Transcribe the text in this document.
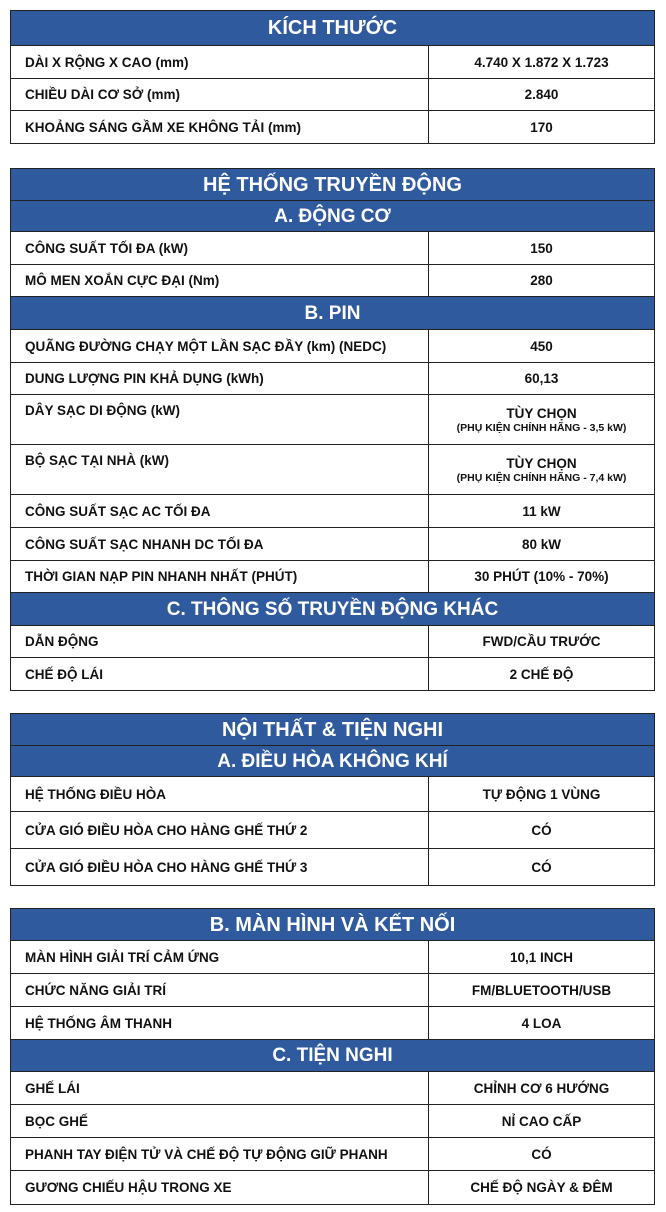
KÍCH THƯỚC
DÀI X RỘNG X CAO (mm)	4.740 X 1.872 X 1.723
CHIỀU DÀI CƠ SỞ (mm)	2.840
KHOẢNG SÁNG GẦM XE KHÔNG TẢI (mm)	170
HỆ THỐNG TRUYỀN ĐỘNG
A. ĐỘNG CƠ
CÔNG SUẤT TỐI ĐA (kW)	150
MÔ MEN XOẮN CỰC ĐẠI (Nm)	280
B. PIN
QUÃNG ĐƯỜNG CHẠY MỘT LẦN SẠC ĐẦY (km) (NEDC)	450
DUNG LƯỢNG PIN KHẢ DỤNG (kWh)	60,13
DÂY SẠC DI ĐỘNG (kW)	TÙY CHỌN
(PHỤ KIỆN CHÍNH HÃNG - 3,5 kW)
BỘ SẠC TẠI NHÀ (kW)	TÙY CHỌN
(PHỤ KIỆN CHÍNH HÃNG - 7,4 kW)
CÔNG SUẤT SẠC AC TỐI ĐA	11 kW
CÔNG SUẤT SẠC NHANH DC TỐI ĐA	80 kW
THỜI GIAN NẠP PIN NHANH NHẤT (PHÚT)	30 PHÚT (10% - 70%)
C. THÔNG SỐ TRUYỀN ĐỘNG KHÁC
DẪN ĐỘNG	FWD/CẦU TRƯỚC
CHẾ ĐỘ LÁI	2 CHẾ ĐỘ
NỘI THẤT & TIỆN NGHI
A. ĐIỀU HÒA KHÔNG KHÍ
HỆ THỐNG ĐIỀU HÒA	TỰ ĐỘNG 1 VÙNG
CỬA GIÓ ĐIỀU HÒA CHO HÀNG GHẾ THỨ 2	CÓ
CỬA GIÓ ĐIỀU HÒA CHO HÀNG GHẾ THỨ 3	CÓ
B. MÀN HÌNH VÀ KẾT NỐI
MÀN HÌNH GIẢI TRÍ CẢM ỨNG	10,1 INCH
CHỨC NĂNG GIẢI TRÍ	FM/BLUETOOTH/USB
HỆ THỐNG ÂM THANH	4 LOA
C. TIỆN NGHI
GHẾ LÁI	CHỈNH CƠ 6 HƯỚNG
BỌC GHẾ	NỈ CAO CẤP
PHANH TAY ĐIỆN TỬ VÀ CHẾ ĐỘ TỰ ĐỘNG GIỮ PHANH	CÓ
GƯƠNG CHIẾU HẬU TRONG XE	CHẾ ĐỘ NGÀY & ĐÊM
